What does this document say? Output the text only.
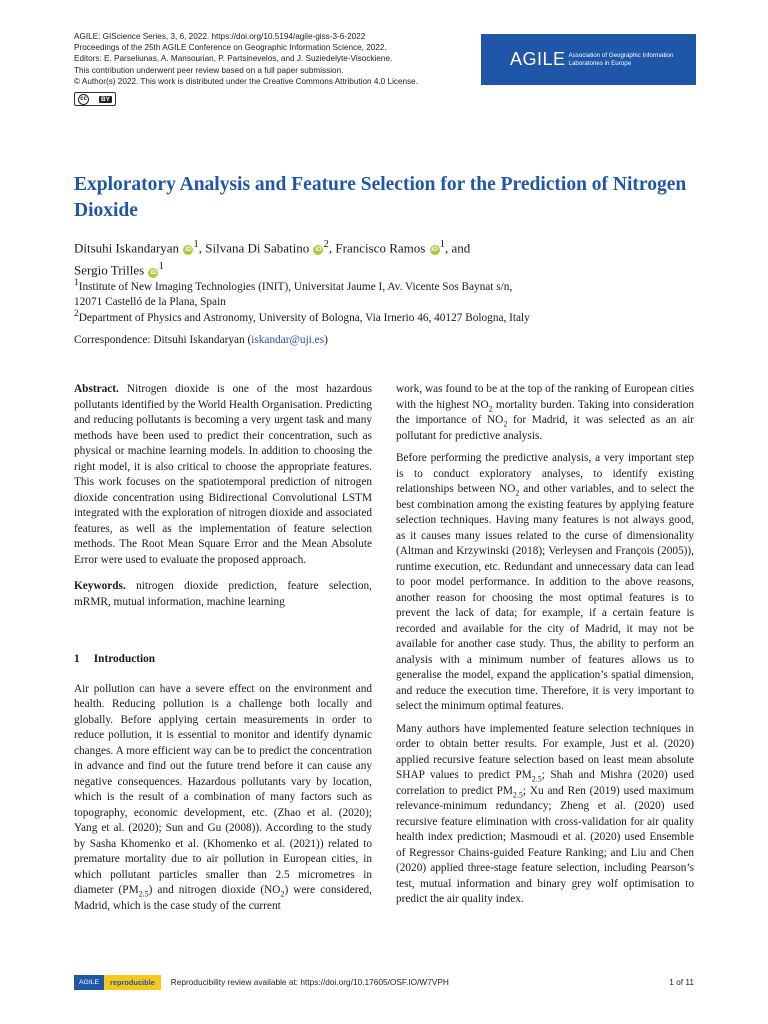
AGILE: GIScience Series, 3, 6, 2022. https://doi.org/10.5194/agile-giss-3-6-2022
Proceedings of the 25th AGILE Conference on Geographic Information Science, 2022.
Editors: E. Parseliunas, A. Mansourian, P. Partsinevelos, and J. Suziedelyte-Visockiene.
This contribution underwent peer review based on a full paper submission.
© Author(s) 2022. This work is distributed under the Creative Commons Attribution 4.0 License.
cc	BY
AGILE Association of Geographic Information
Laboratories in Europe
Exploratory Analysis and Feature Selection for the Prediction of Nitrogen Dioxide
Ditsuhi Iskandaryan iD $^1$, Silvana Di Sabatino iD $^2$, Francisco Ramos iD $^1$, and
Sergio Trilles iD $^1$
$^1$Institute of New Imaging Technologies (INIT), Universitat Jaume I, Av. Vicente Sos Baynat s/n,
12071 Castelló de la Plana, Spain
$^2$Department of Physics and Astronomy, University of Bologna, Via Irnerio 46, 40127 Bologna, Italy
Correspondence: Ditsuhi Iskandaryan (iskandar@uji.es)

Abstract. Nitrogen dioxide is one of the most hazardous pollutants identified by the World Health Organisation. Predicting and reducing pollutants is becoming a very urgent task and many methods have been used to predict their concentration, such as physical or machine learning models. In addition to choosing the right model, it is also critical to choose the appropriate features. This work focuses on the spatiotemporal prediction of nitrogen dioxide concentration using Bidirectional Convolutional LSTM integrated with the exploration of nitrogen dioxide and associated features, as well as the implementation of feature selection methods. The Root Mean Square Error and the Mean Absolute Error were used to evaluate the proposed approach.

Keywords. nitrogen dioxide prediction, feature selection, mRMR, mutual information, machine learning

1     Introduction

Air pollution can have a severe effect on the environment and health. Reducing pollution is a challenge both locally and globally. Before applying certain measurements in order to reduce pollution, it is essential to monitor and identify dynamic changes. A more efficient way can be to predict the concentration in advance and find out the future trend before it can cause any negative consequences. Hazardous pollutants vary by location, which is the result of a combination of many factors such as topography, economic development, etc. (Zhao et al. (2020); Yang et al. (2020); Sun and Gu (2008)). According to the study by Sasha Khomenko et al. (Khomenko et al. (2021)) related to premature mortality due to air pollution in European cities, in which pollutant particles smaller than 2.5 micrometres in diameter $(PM_{2.5})$ and nitrogen dioxide $(NO_2)$ were considered, Madrid, which is the case study of the current

work, was found to be at the top of the ranking of European cities with the highest $NO_2$ mortality burden. Taking into consideration the importance of $NO_2$ for Madrid, it was selected as an air pollutant for predictive analysis.

Before performing the predictive analysis, a very important step is to conduct exploratory analyses, to identify existing relationships between $NO_2$ and other variables, and to select the best combination among the existing features by applying feature selection techniques. Having many features is not always good, as it causes many issues related to the curse of dimensionality (Altman and Krzywinski (2018); Verleysen and François (2005)), runtime execution, etc. Redundant and unnecessary data can lead to poor model performance. In addition to the above reasons, another reason for choosing the most optimal features is to prevent the lack of data; for example, if a certain feature is recorded and available for the city of Madrid, it may not be available for another case study. Thus, the ability to perform an analysis with a minimum number of features allows us to generalise the model, expand the application’s spatial dimension, and reduce the execution time. Therefore, it is very important to select the minimum optimal features.

Many authors have implemented feature selection techniques in order to obtain better results. For example, Just et al. (2020) applied recursive feature selection based on least mean absolute SHAP values to predict $PM_{2.5}$; Shah and Mishra (2020) used correlation to predict $PM_{2.5}$; Xu and Ren (2019) used maximum relevance-minimum redundancy; Zheng et al. (2020) used recursive feature elimination with cross-validation for air quality health index prediction; Masmoudi et al. (2020) used Ensemble of Regressor Chains-guided Feature Ranking; and Liu and Chen (2020) applied three-stage feature selection, including Pearson’s test, mutual information and binary grey wolf optimisation to predict the air quality index.

AGILE	reproducible	Reproducibility review available at: https://doi.org/10.17605/OSF.IO/W7VPH	1 of 11
